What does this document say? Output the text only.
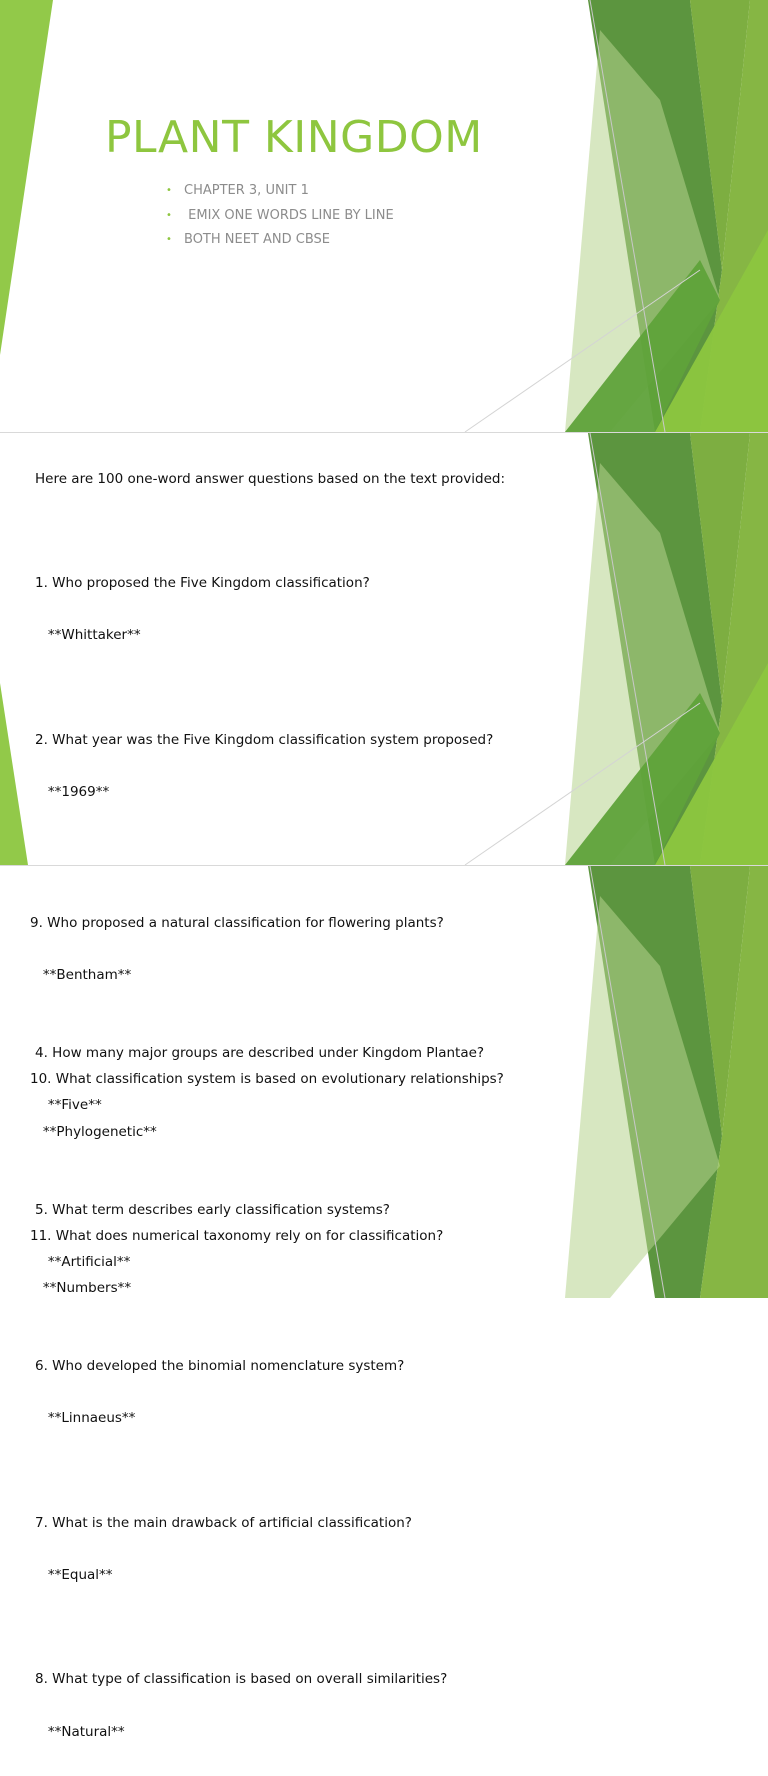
PLANT KINGDOM
• CHAPTER 3, UNIT 1
• EMIX ONE WORDS LINE BY LINE
• BOTH NEET AND CBSE

Here are 100 one-word answer questions based on the text provided:

1. Who proposed the Five Kingdom classification?

**Whittaker**

2. What year was the Five Kingdom classification system proposed?

**1969**

4. How many major groups are described under Kingdom Plantae?

**Five**

5. What term describes early classification systems?

**Artificial**

6. Who developed the binomial nomenclature system?

**Linnaeus**

7. What is the main drawback of artificial classification?

**Equal**

8. What type of classification is based on overall similarities?

**Natural**

9. Who proposed a natural classification for flowering plants?

**Bentham**

10. What classification system is based on evolutionary relationships?

**Phylogenetic**

11. What does numerical taxonomy rely on for classification?

**Numbers**
